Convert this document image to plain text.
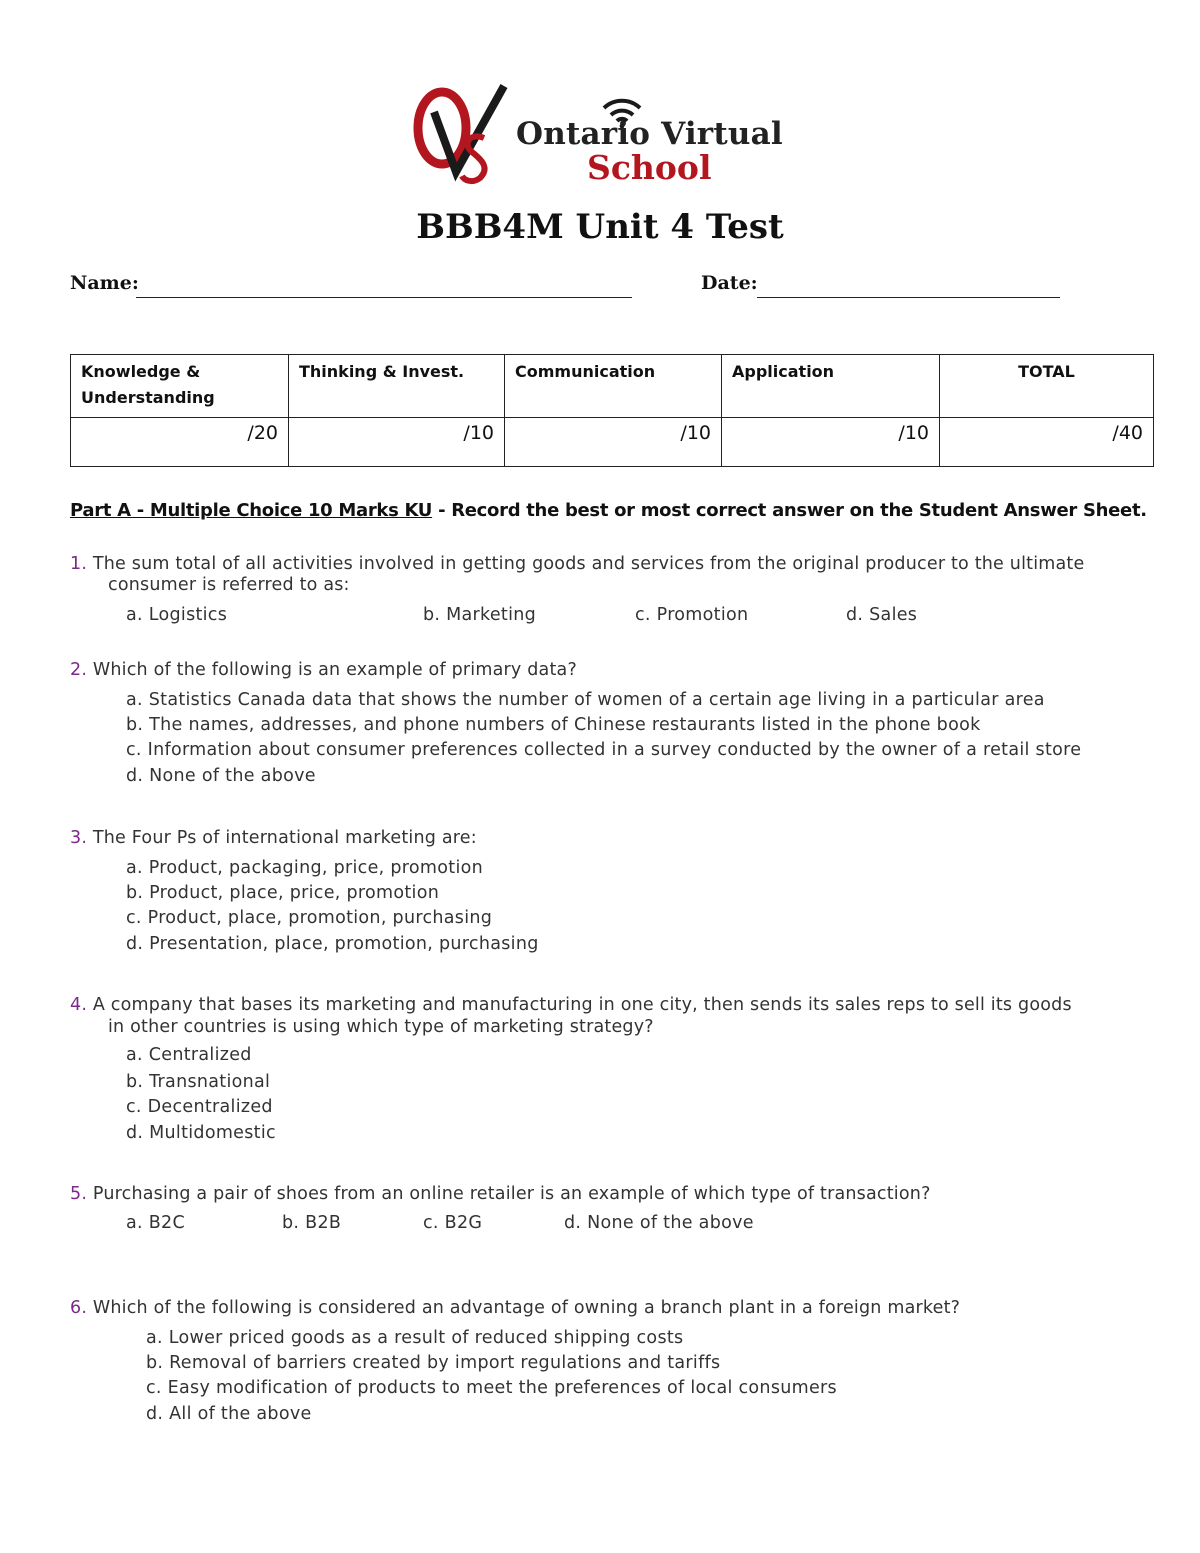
Ontario Virtual
School
BBB4M Unit 4 Test
Name:	Date:
Knowledge &
Understanding	Thinking & Invest.	Communication	Application	TOTAL
/20	/10	/10	/10	/40
Part A - Multiple Choice 10 Marks KU - Record the best or most correct answer on the Student Answer Sheet.
1. The sum total of all activities involved in getting goods and services from the original producer to the ultimate
consumer is referred to as:
a. Logistics	b. Marketing	c. Promotion	d. Sales
2. Which of the following is an example of primary data?
a. Statistics Canada data that shows the number of women of a certain age living in a particular area
b. The names, addresses, and phone numbers of Chinese restaurants listed in the phone book
c. Information about consumer preferences collected in a survey conducted by the owner of a retail store
d. None of the above
3. The Four Ps of international marketing are:
a. Product, packaging, price, promotion
b. Product, place, price, promotion
c. Product, place, promotion, purchasing
d. Presentation, place, promotion, purchasing
4. A company that bases its marketing and manufacturing in one city, then sends its sales reps to sell its goods
in other countries is using which type of marketing strategy?
a. Centralized
b. Transnational
c. Decentralized
d. Multidomestic
5. Purchasing a pair of shoes from an online retailer is an example of which type of transaction?
a. B2C	b. B2B	c. B2G	d. None of the above
6. Which of the following is considered an advantage of owning a branch plant in a foreign market?
a. Lower priced goods as a result of reduced shipping costs
b. Removal of barriers created by import regulations and tariffs
c. Easy modification of products to meet the preferences of local consumers
d. All of the above
